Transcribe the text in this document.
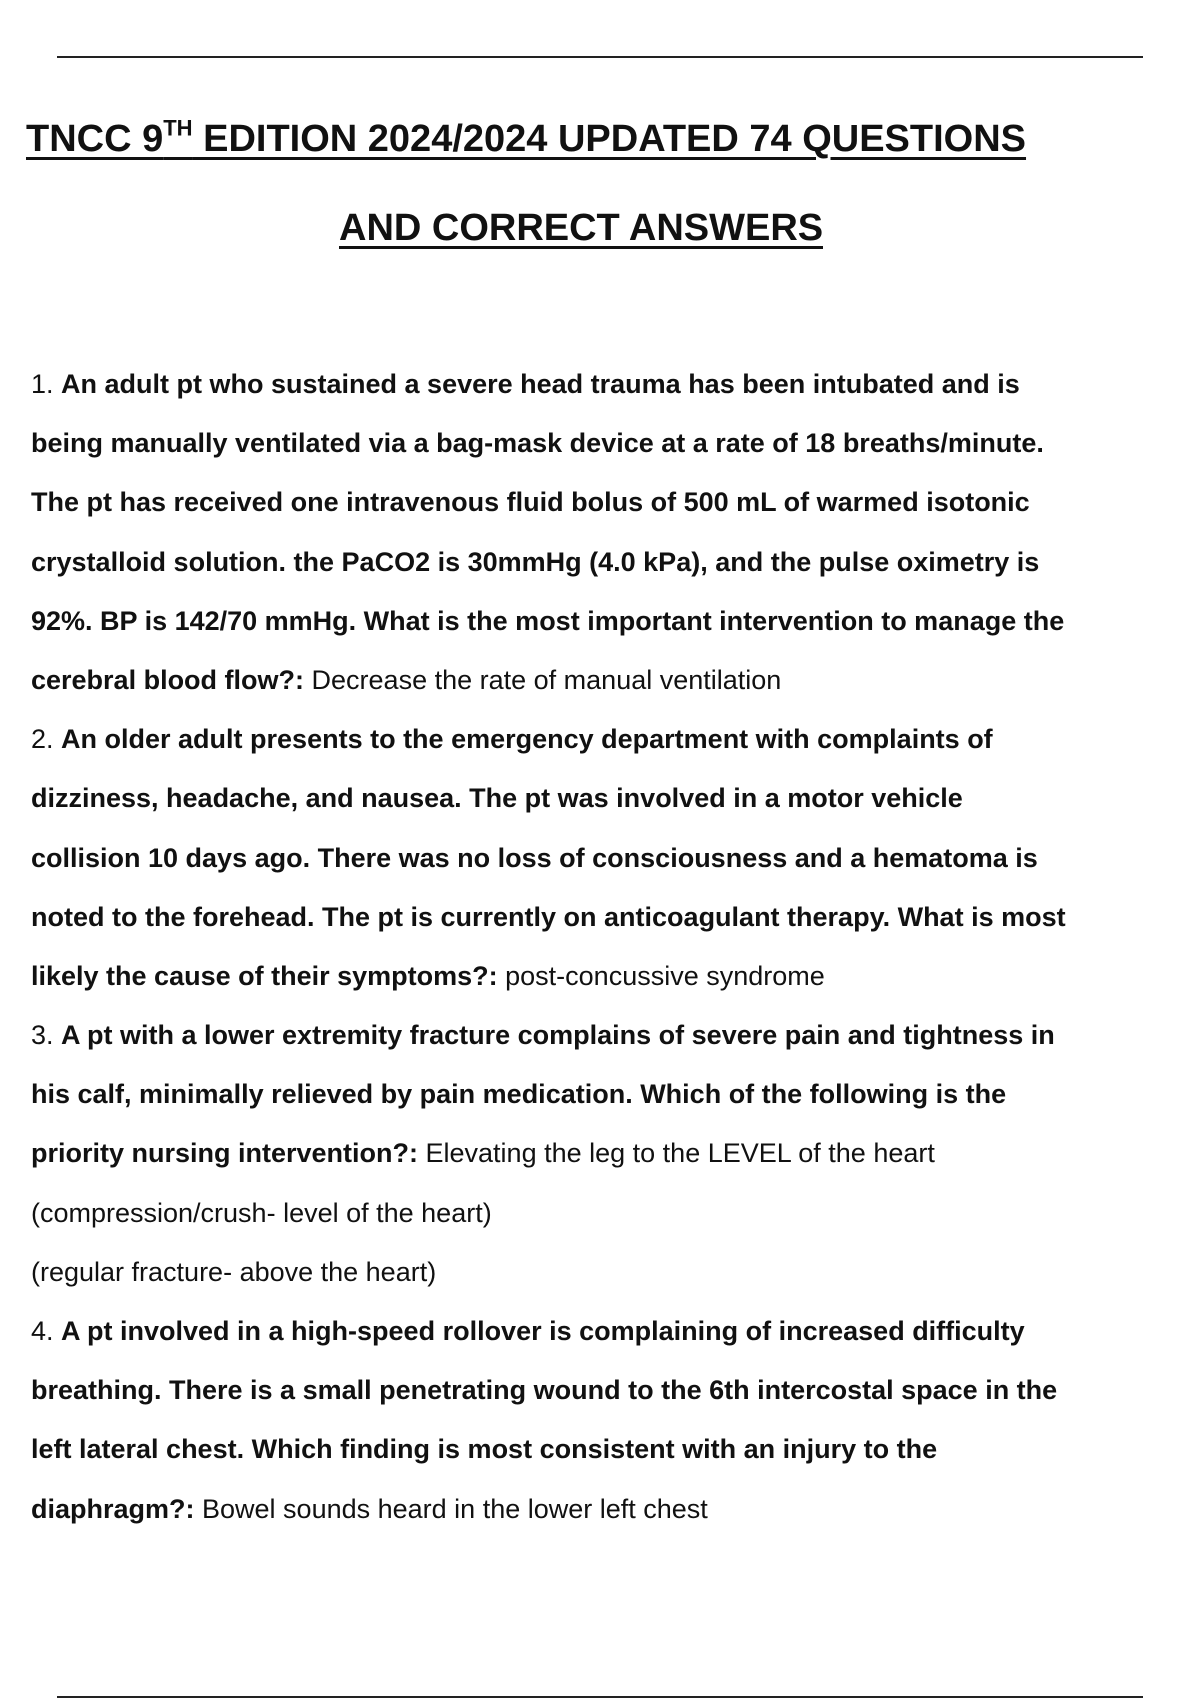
TNCC 9TH EDITION 2024/2024 UPDATED 74 QUESTIONS
AND CORRECT ANSWERS
1. An adult pt who sustained a severe head trauma has been intubated and is
being manually ventilated via a bag-mask device at a rate of 18 breaths/minute.
The pt has received one intravenous fluid bolus of 500 mL of warmed isotonic
crystalloid solution. the PaCO2 is 30mmHg (4.0 kPa), and the pulse oximetry is
92%. BP is 142/70 mmHg. What is the most important intervention to manage the
cerebral blood flow?: Decrease the rate of manual ventilation
2. An older adult presents to the emergency department with complaints of
dizziness, headache, and nausea. The pt was involved in a motor vehicle
collision 10 days ago. There was no loss of consciousness and a hematoma is
noted to the forehead. The pt is currently on anticoagulant therapy. What is most
likely the cause of their symptoms?: post-concussive syndrome
3. A pt with a lower extremity fracture complains of severe pain and tightness in
his calf, minimally relieved by pain medication. Which of the following is the
priority nursing intervention?: Elevating the leg to the LEVEL of the heart
(compression/crush- level of the heart)
(regular fracture- above the heart)
4. A pt involved in a high-speed rollover is complaining of increased difficulty
breathing. There is a small penetrating wound to the 6th intercostal space in the
left lateral chest. Which finding is most consistent with an injury to the
diaphragm?: Bowel sounds heard in the lower left chest
